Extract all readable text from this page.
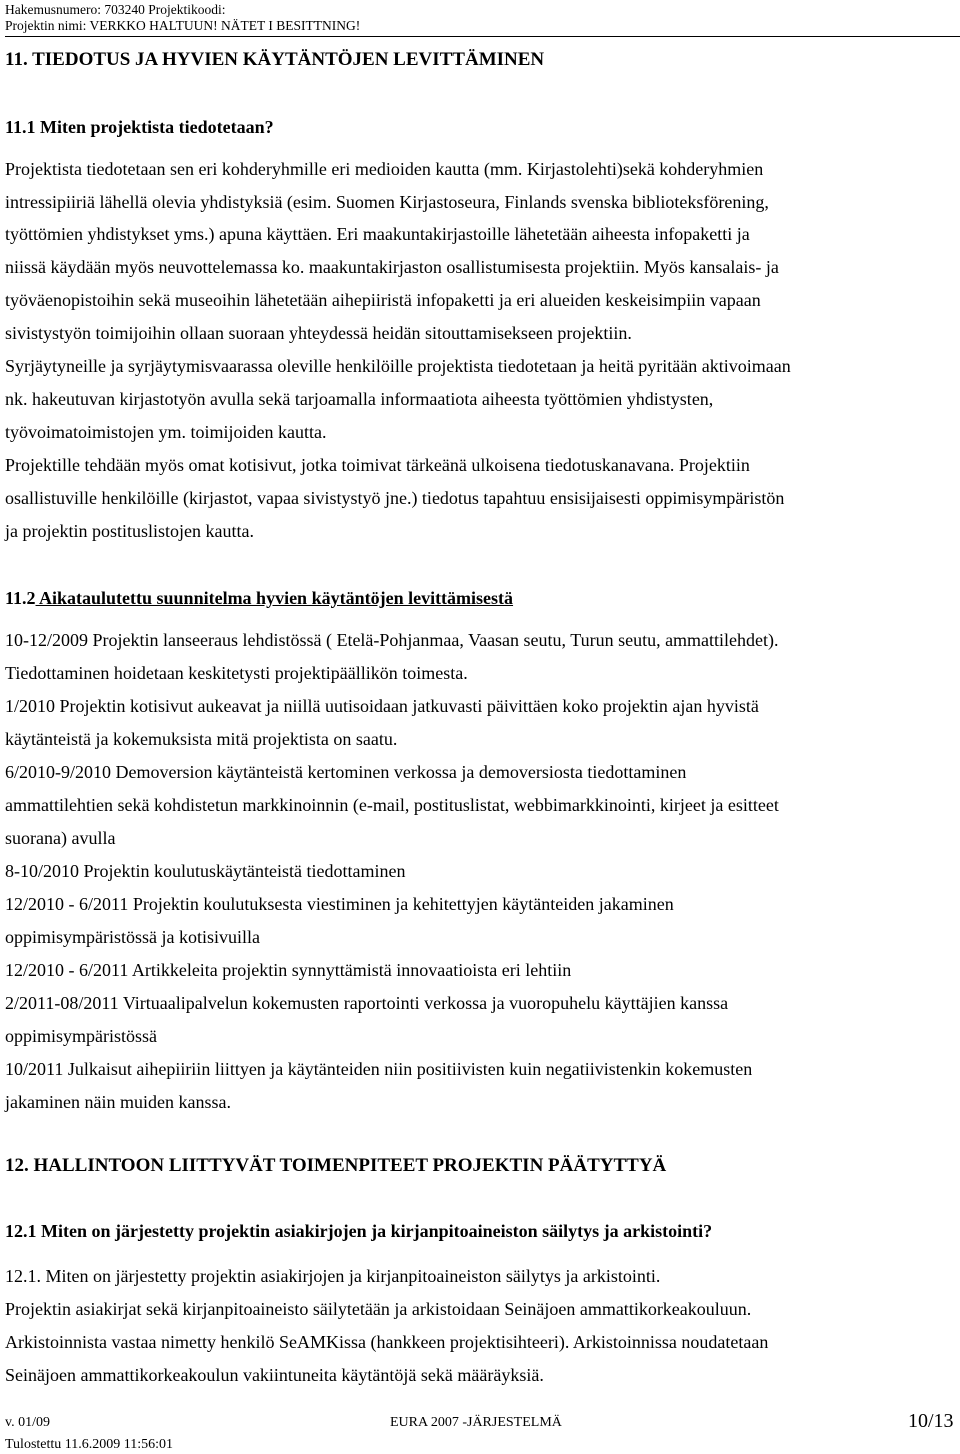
Hakemusnumero: 703240 Projektikoodi:
Projektin nimi: VERKKO HALTUUN! NÄTET I BESITTNING!
11. TIEDOTUS JA HYVIEN KÄYTÄNTÖJEN LEVITTÄMINEN
11.1 Miten projektista tiedotetaan?
Projektista tiedotetaan sen eri kohderyhmille eri medioiden kautta (mm. Kirjastolehti)sekä kohderyhmien
intressipiiriä lähellä olevia yhdistyksiä (esim. Suomen Kirjastoseura, Finlands svenska biblioteksförening,
työttömien yhdistykset yms.) apuna käyttäen. Eri maakuntakirjastoille lähetetään aiheesta infopaketti ja
niissä käydään myös neuvottelemassa ko. maakuntakirjaston osallistumisesta projektiin. Myös kansalais- ja
työväenopistoihin sekä museoihin lähetetään aihepiiristä infopaketti ja eri alueiden keskeisimpiin vapaan
sivistystyön toimijoihin ollaan suoraan yhteydessä heidän sitouttamisekseen projektiin.
Syrjäytyneille ja syrjäytymisvaarassa oleville henkilöille projektista tiedotetaan ja heitä pyritään aktivoimaan
nk. hakeutuvan kirjastotyön avulla sekä tarjoamalla informaatiota aiheesta työttömien yhdistysten,
työvoimatoimistojen ym. toimijoiden kautta.
Projektille tehdään myös omat kotisivut, jotka toimivat tärkeänä ulkoisena tiedotuskanavana. Projektiin
osallistuville henkilöille (kirjastot, vapaa sivistystyö jne.) tiedotus tapahtuu ensisijaisesti oppimisympäristön
ja projektin postituslistojen kautta.
11.2 Aikataulutettu suunnitelma hyvien käytäntöjen levittämisestä
10-12/2009 Projektin lanseeraus lehdistössä ( Etelä-Pohjanmaa, Vaasan seutu, Turun seutu, ammattilehdet).
Tiedottaminen hoidetaan keskitetysti projektipäällikön toimesta.
1/2010 Projektin kotisivut aukeavat ja niillä uutisoidaan jatkuvasti päivittäen koko projektin ajan hyvistä
käytänteistä ja kokemuksista mitä projektista on saatu.
6/2010-9/2010 Demoversion käytänteistä kertominen verkossa ja demoversiosta tiedottaminen
ammattilehtien sekä kohdistetun markkinoinnin (e-mail, postituslistat, webbimarkkinointi, kirjeet ja esitteet
suorana) avulla
8-10/2010 Projektin koulutuskäytänteistä tiedottaminen
12/2010 - 6/2011 Projektin koulutuksesta viestiminen ja kehitettyjen käytänteiden jakaminen
oppimisympäristössä ja kotisivuilla
12/2010 - 6/2011 Artikkeleita projektin synnyttämistä innovaatioista eri lehtiin
2/2011-08/2011 Virtuaalipalvelun kokemusten raportointi verkossa ja vuoropuhelu käyttäjien kanssa
oppimisympäristössä
10/2011 Julkaisut aihepiiriin liittyen ja käytänteiden niin positiivisten kuin negatiivistenkin kokemusten
jakaminen näin muiden kanssa.
12. HALLINTOON LIITTYVÄT TOIMENPITEET PROJEKTIN PÄÄTYTTYÄ
12.1 Miten on järjestetty projektin asiakirjojen ja kirjanpitoaineiston säilytys ja arkistointi?
12.1. Miten on järjestetty projektin asiakirjojen ja kirjanpitoaineiston säilytys ja arkistointi.
Projektin asiakirjat sekä kirjanpitoaineisto säilytetään ja arkistoidaan Seinäjoen ammattikorkeakouluun.
Arkistoinnista vastaa nimetty henkilö SeAMKissa (hankkeen projektisihteeri). Arkistoinnissa noudatetaan
Seinäjoen ammattikorkeakoulun vakiintuneita käytäntöjä sekä määräyksiä.
v. 01/09	EURA 2007 -JÄRJESTELMÄ	10/13
Tulostettu 11.6.2009 11:56:01
